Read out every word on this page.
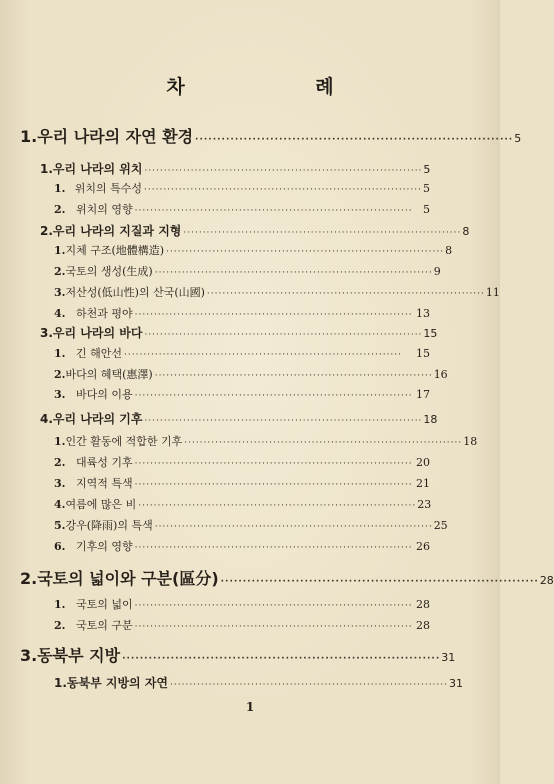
차 례
1. 우리 나라의 자연 환경 ········································································ 5
1. 우리 나라의 위치 ········································································ 5
1. 위치의 특수성 ········································································ 5
2. 위치의 영향 ········································································ 5
2. 우리 나라의 지질과 지형 ········································································ 8
1. 지체 구조(地體構造) ········································································ 8
2. 국토의 생성(生成) ········································································ 9
3. 저산성(低山性)의 산국(山國) ········································································ 11
4. 하천과 평야 ········································································ 13
3. 우리 나라의 바다 ········································································ 15
1. 긴 해안선 ········································································	15
2. 바다의 혜택(惠澤) ········································································ 16
3. 바다의 이용 ········································································ 17
4. 우리 나라의 기후 ········································································ 18
1. 인간 활동에 적합한 기후 ········································································ 18
2. 대륙성 기후 ········································································ 20
3. 지역적 특색 ········································································ 21
4. 여름에 많은 비 ········································································ 23
5. 강우(降雨)의 특색 ········································································ 25
6. 기후의 영향 ········································································ 26
2. 국토의 넓이와 구분(區分) ········································································ 28
1. 국토의 넓이 ········································································ 28
2. 국토의 구분 ········································································ 28
3. 동북부 지방 ········································································ 31
1. 동북부 지방의 자연 ········································································ 31
1
